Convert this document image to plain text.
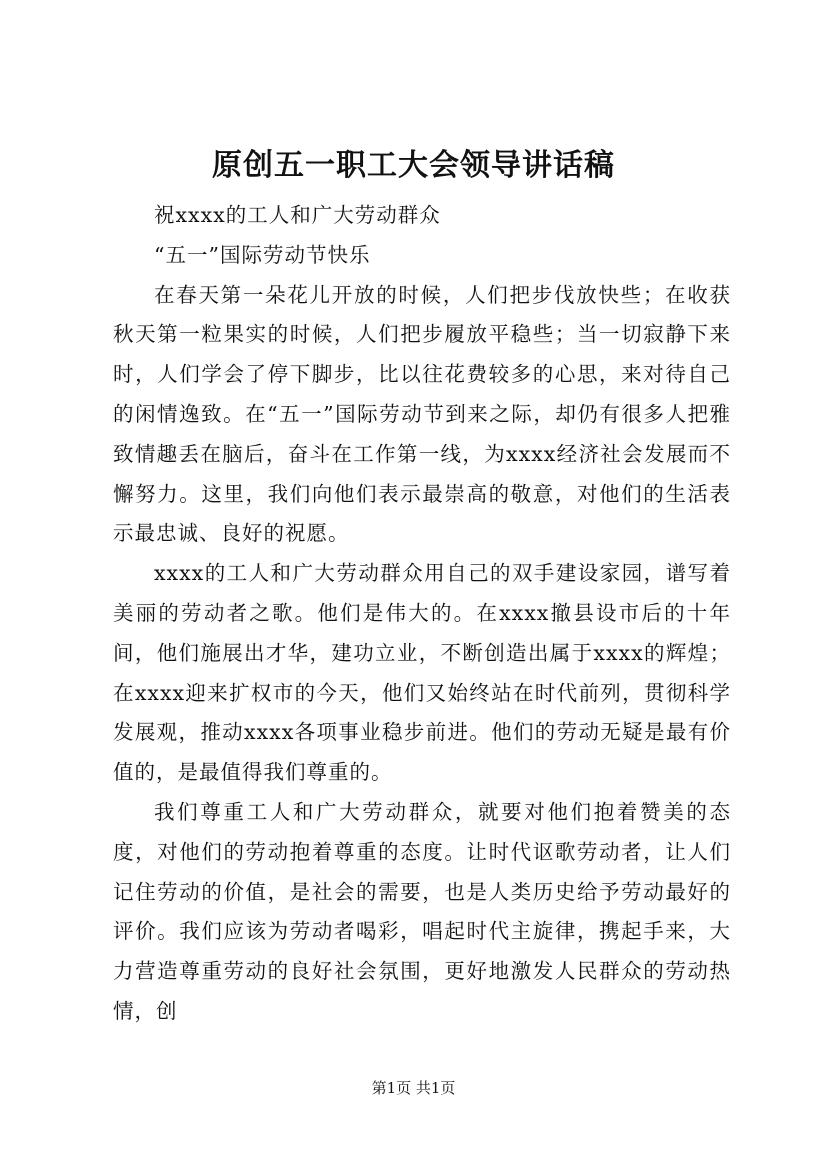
原创五一职工大会领导讲话稿

祝xxxx的工人和广大劳动群众

“五一”国际劳动节快乐

在春天第一朵花儿开放的时候，人们把步伐放快些；在收获秋天第一粒果实的时候，人们把步履放平稳些；当一切寂静下来时，人们学会了停下脚步，比以往花费较多的心思，来对待自己的闲情逸致。在“五一”国际劳动节到来之际，却仍有很多人把雅致情趣丢在脑后，奋斗在工作第一线，为xxxx经济社会发展而不懈努力。这里，我们向他们表示最崇高的敬意，对他们的生活表示最忠诚、良好的祝愿。

xxxx的工人和广大劳动群众用自己的双手建设家园，谱写着美丽的劳动者之歌。他们是伟大的。在xxxx撤县设市后的十年间，他们施展出才华，建功立业，不断创造出属于xxxx的辉煌；在xxxx迎来扩权市的今天，他们又始终站在时代前列，贯彻科学发展观，推动xxxx各项事业稳步前进。他们的劳动无疑是最有价值的，是最值得我们尊重的。

我们尊重工人和广大劳动群众，就要对他们抱着赞美的态度，对他们的劳动抱着尊重的态度。让时代讴歌劳动者，让人们记住劳动的价值，是社会的需要，也是人类历史给予劳动最好的评价。我们应该为劳动者喝彩，唱起时代主旋律，携起手来，大力营造尊重劳动的良好社会氛围，更好地激发人民群众的劳动热情，创

第1页 共1页
